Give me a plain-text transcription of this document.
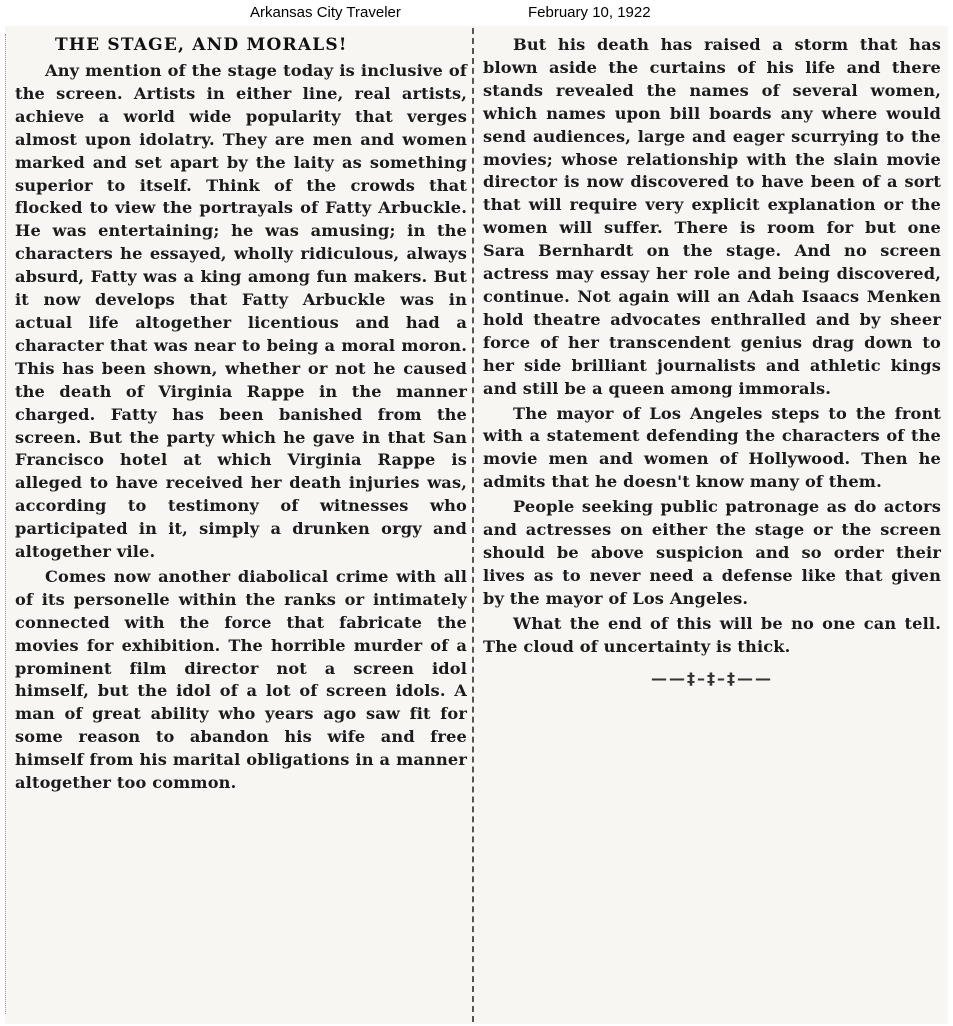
Arkansas City Traveler	February 10, 1922
THE STAGE, AND MORALS!

Any mention of the stage today is inclusive of the screen. Artists in either line, real artists, achieve a world wide popularity that verges almost upon idolatry. They are men and women marked and set apart by the laity as something superior to itself. Think of the crowds that flocked to view the portrayals of Fatty Arbuckle. He was entertaining; he was amusing; in the characters he essayed, wholly ridiculous, always absurd, Fatty was a king among fun makers. But it now develops that Fatty Arbuckle was in actual life altogether licentious and had a character that was near to being a moral moron. This has been shown, whether or not he caused the death of Virginia Rappe in the manner charged. Fatty has been banished from the screen. But the party which he gave in that San Francisco hotel at which Virginia Rappe is alleged to have received her death injuries was, according to testimony of witnesses who participated in it, simply a drunken orgy and altogether vile.

Comes now another diabolical crime with all of its personelle within the ranks or intimately connected with the force that fabricate the movies for exhibition. The horrible murder of a prominent film director not a screen idol himself, but the idol of a lot of screen idols. A man of great ability who years ago saw fit for some reason to abandon his wife and free himself from his marital obligations in a manner altogether too common.

But his death has raised a storm that has blown aside the curtains of his life and there stands revealed the names of several women, which names upon bill boards any where would send audiences, large and eager scurrying to the movies; whose relationship with the slain movie director is now discovered to have been of a sort that will require very explicit explanation or the women will suffer. There is room for but one Sara Bernhardt on the stage. And no screen actress may essay her role and being discovered, continue. Not again will an Adah Isaacs Menken hold theatre advocates enthralled and by sheer force of her transcendent genius drag down to her side brilliant journalists and athletic kings and still be a queen among immorals.

The mayor of Los Angeles steps to the front with a statement defending the characters of the movie men and women of Hollywood. Then he admits that he doesn't know many of them.

People seeking public patronage as do actors and actresses on either the stage or the screen should be above suspicion and so order their lives as to never need a defense like that given by the mayor of Los Angeles.

What the end of this will be no one can tell. The cloud of uncertainty is thick.

——‡–‡–‡——
